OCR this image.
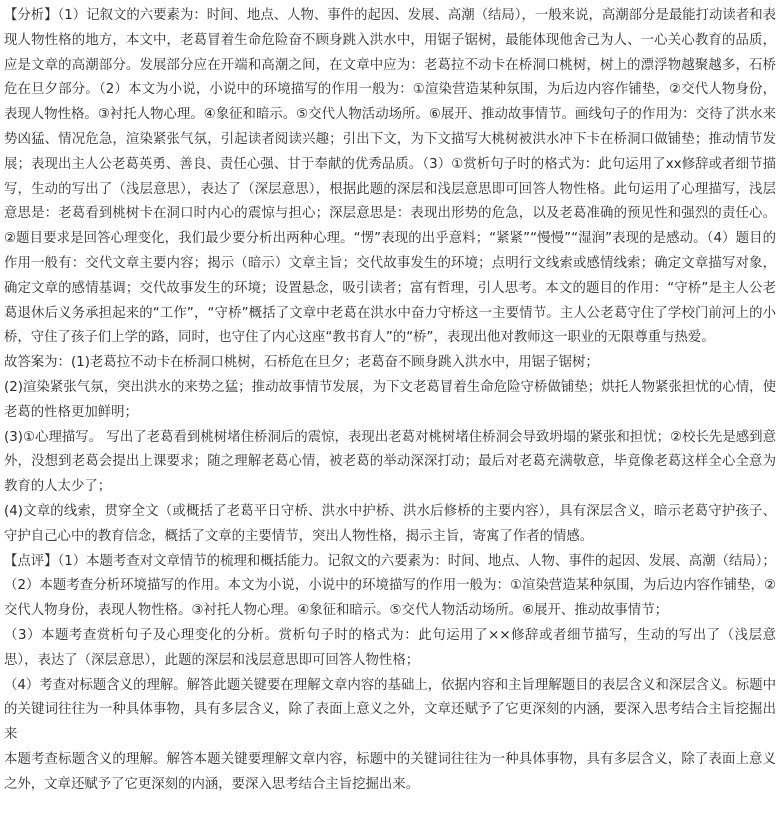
【分析】（1）记叙文的六要素为：时间、地点、人物、事件的起因、发展、高潮（结局），一般来说，高潮部分是最能打动读者和表现人物性格的地方，本文中，老葛冒着生命危险奋不顾身跳入洪水中，用锯子锯树，最能体现他舍己为人、一心关心教育的品质，应是文章的高潮部分。发展部分应在开端和高潮之间，在文章中应为：老葛拉不动卡在桥洞口桃树，树上的漂浮物越聚越多，石桥危在旦夕部分。（2）本文为小说，小说中的环境描写的作用一般为：①渲染营造某种氛围，为后边内容作铺垫，②交代人物身份，表现人物性格。③衬托人物心理。④象征和暗示。⑤交代人物活动场所。⑥展开、推动故事情节。画线句子的作用为：交待了洪水来势凶猛、情况危急，渲染紧张气氛，引起读者阅读兴趣；引出下文，为下文描写大桃树被洪水冲下卡在桥洞口做铺垫；推动情节发展；表现出主人公老葛英勇、善良、责任心强、甘于奉献的优秀品质。（3）①赏析句子时的格式为：此句运用了xx修辞或者细节描写，生动的写出了（浅层意思），表达了（深层意思），根据此题的深层和浅层意思即可回答人物性格。此句运用了心理描写，浅层意思是：老葛看到桃树卡在洞口时内心的震惊与担心；深层意思是：表现出形势的危急，以及老葛准确的预见性和强烈的责任心。②题目要求是回答心理变化，我们最少要分析出两种心理。“愣”表现的出乎意料；“紧紧”“慢慢”“湿润”表现的是感动。（4）题目的作用一般有：交代文章主要内容；揭示（暗示）文章主旨；交代故事发生的环境；点明行文线索或感情线索；确定文章描写对象，确定文章的感情基调；交代故事发生的环境；设置悬念，吸引读者；富有哲理，引人思考。本文的题目的作用：“守桥”是主人公老葛退休后义务承担起来的“工作”，“守桥”概括了文章中老葛在洪水中奋力守桥这一主要情节。主人公老葛守住了学校门前河上的小桥，守住了孩子们上学的路，同时，也守住了内心这座“教书育人”的“桥”，表现出他对教师这一职业的无限尊重与热爱。

故答案为：(1)老葛拉不动卡在桥洞口桃树，石桥危在旦夕；老葛奋不顾身跳入洪水中，用锯子锯树；

(2)渲染紧张气氛，突出洪水的来势之猛；推动故事情节发展，为下文老葛冒着生命危险守桥做铺垫；烘托人物紧张担忧的心情，使老葛的性格更加鲜明；

(3)①心理描写。 写出了老葛看到桃树堵住桥洞后的震惊，表现出老葛对桃树堵住桥洞会导致坍塌的紧张和担忧；②校长先是感到意外，没想到老葛会提出上课要求；随之理解老葛心情，被老葛的举动深深打动；最后对老葛充满敬意，毕竟像老葛这样全心全意为教育的人太少了；

(4)文章的线索，贯穿全文（或概括了老葛平日守桥、洪水中护桥、洪水后修桥的主要内容），具有深层含义，暗示老葛守护孩子、守护自己心中的教育信念，概括了文章的主要情节，突出人物性格，揭示主旨，寄寓了作者的情感。

【点评】（1）本题考查对文章情节的梳理和概括能力。记叙文的六要素为：时间、地点、人物、事件的起因、发展、高潮（结局）；

（2）本题考查分析环境描写的作用。本文为小说，小说中的环境描写的作用一般为：①渲染营造某种氛围，为后边内容作铺垫，②交代人物身份，表现人物性格。③衬托人物心理。④象征和暗示。⑤交代人物活动场所。⑥展开、推动故事情节；

（3）本题考查赏析句子及心理变化的分析。赏析句子时的格式为：此句运用了××修辞或者细节描写，生动的写出了（浅层意思），表达了（深层意思），此题的深层和浅层意思即可回答人物性格；

（4）考查对标题含义的理解。解答此题关键要在理解文章内容的基础上，依据内容和主旨理解题目的表层含义和深层含义。标题中的关键词往往为一种具体事物，具有多层含义，除了表面上意义之外，文章还赋予了它更深刻的内涵，要深入思考结合主旨挖掘出来

本题考查标题含义的理解。解答本题关键要理解文章内容，标题中的关键词往往为一种具体事物，具有多层含义，除了表面上意义之外，文章还赋予了它更深刻的内涵，要深入思考结合主旨挖掘出来。
